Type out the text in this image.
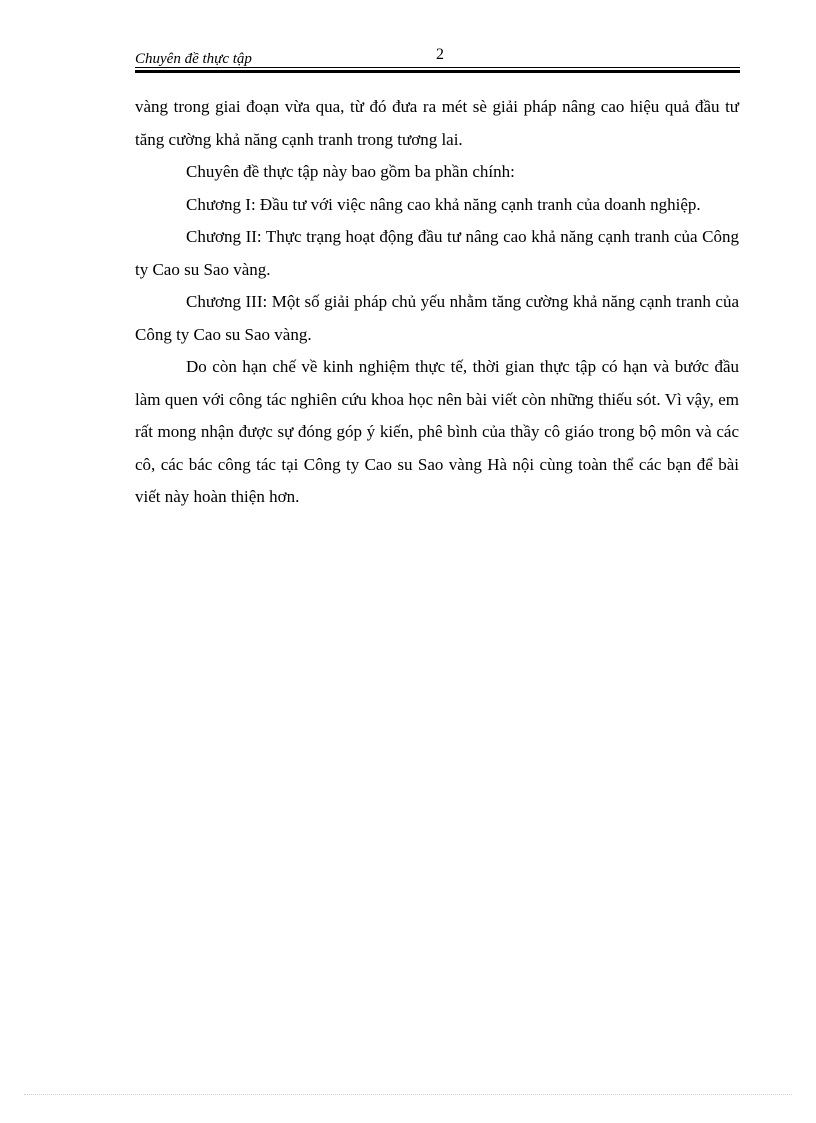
Chuyên đề thực tập	2

vàng trong giai đoạn vừa qua, từ đó đưa ra mét sè giải pháp nâng cao hiệu quả đầu tư tăng cường khả năng cạnh tranh trong tương lai.

Chuyên đề thực tập này bao gồm ba phần chính:

Chương I: Đầu tư với việc nâng cao khả năng cạnh tranh của doanh nghiệp.

Chương II: Thực trạng hoạt động đầu tư nâng cao khả năng cạnh tranh của Công ty Cao su Sao vàng.

Chương III: Một số giải pháp chủ yếu nhằm tăng cường khả năng cạnh tranh của Công ty Cao su Sao vàng.

Do còn hạn chế về kinh nghiệm thực tế, thời gian thực tập có hạn và bước đầu làm quen với công tác nghiên cứu khoa học nên bài viết còn những thiếu sót. Vì vậy, em rất mong nhận được sự đóng góp ý kiến, phê bình của thầy cô giáo trong bộ môn và các cô, các bác công tác tại Công ty Cao su Sao vàng Hà nội cùng toàn thể các bạn để bài viết này hoàn thiện hơn.
